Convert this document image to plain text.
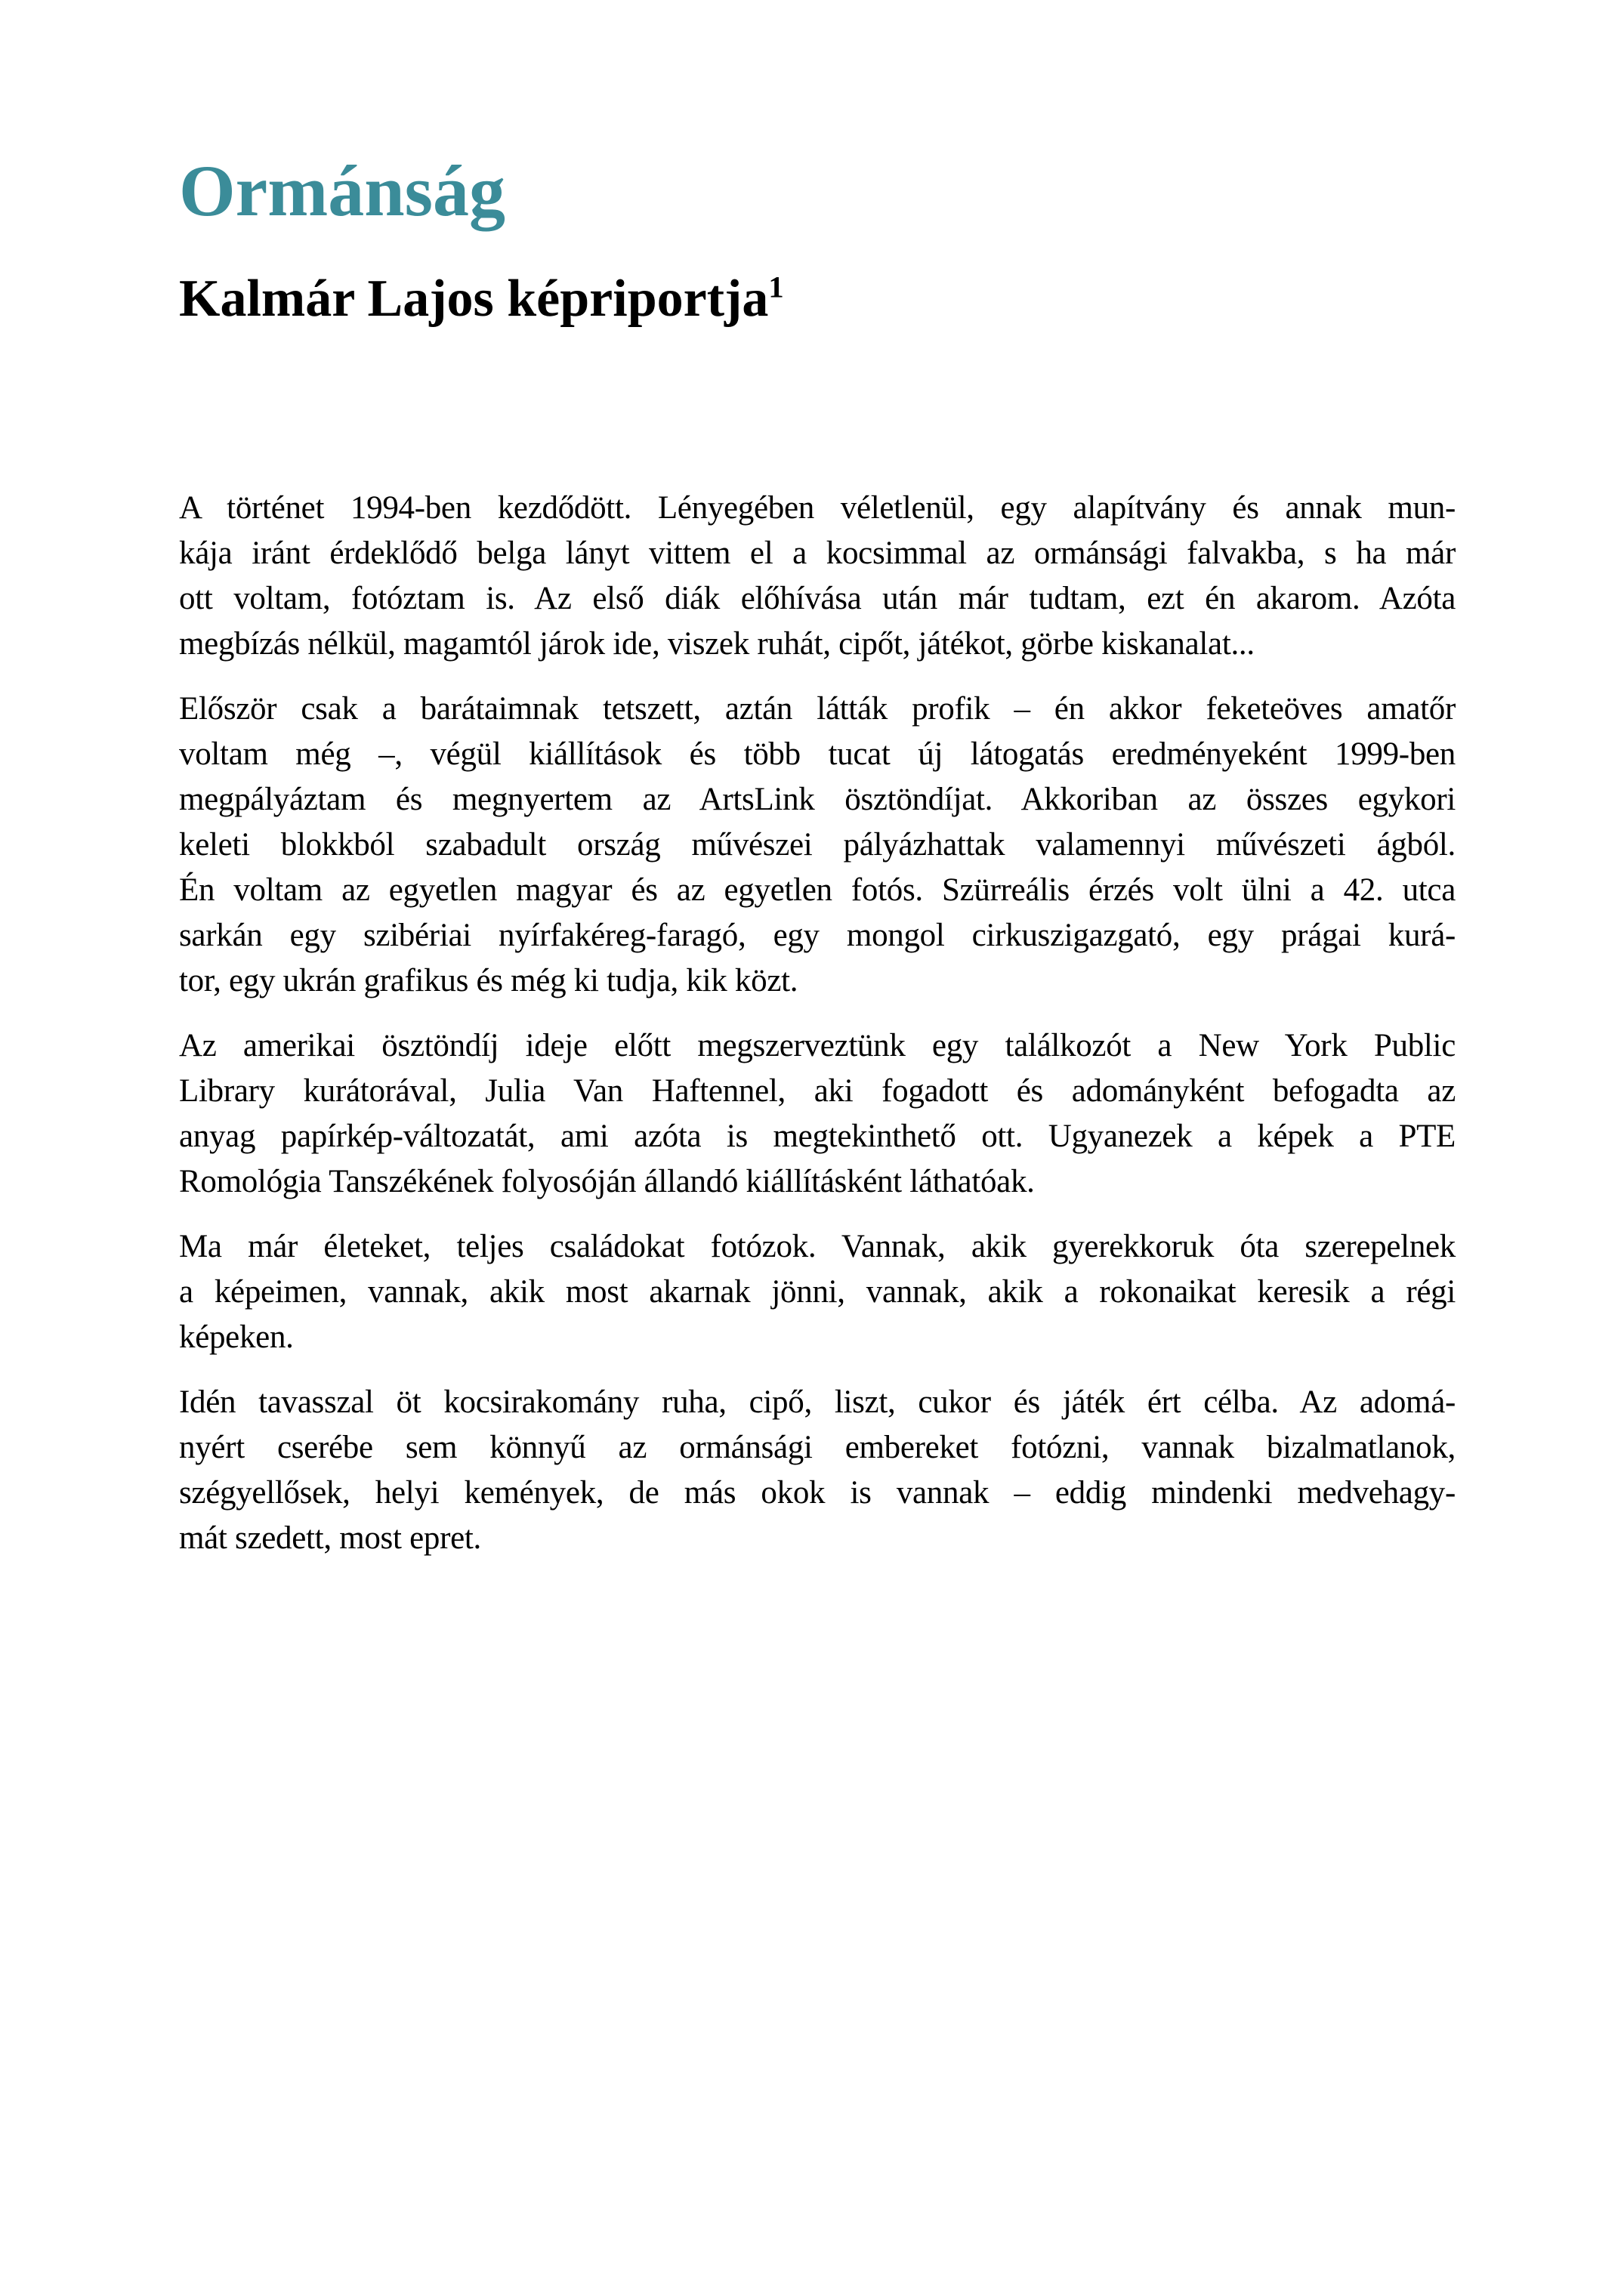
Ormánság
Kalmár Lajos képriportja$^1$

A történet 1994-ben kezdődött. Lényegében véletlenül, egy alapítvány és annak mun-
kája iránt érdeklődő belga lányt vittem el a kocsimmal az ormánsági falvakba, s ha már
ott voltam, fotóztam is. Az első diák előhívása után már tudtam, ezt én akarom. Azóta
megbízás nélkül, magamtól járok ide, viszek ruhát, cipőt, játékot, görbe kiskanalat...

Először csak a barátaimnak tetszett, aztán látták profik – én akkor feketeöves amatőr
voltam még –, végül kiállítások és több tucat új látogatás eredményeként 1999-ben
megpályáztam és megnyertem az ArtsLink ösztöndíjat. Akkoriban az összes egykori
keleti blokkból szabadult ország művészei pályázhattak valamennyi művészeti ágból.
Én voltam az egyetlen magyar és az egyetlen fotós. Szürreális érzés volt ülni a 42. utca
sarkán egy szibériai nyírfakéreg-faragó, egy mongol cirkuszigazgató, egy prágai kurá-
tor, egy ukrán grafikus és még ki tudja, kik közt.

Az amerikai ösztöndíj ideje előtt megszerveztünk egy találkozót a New York Public
Library kurátorával, Julia Van Haftennel, aki fogadott és adományként befogadta az
anyag papírkép-változatát, ami azóta is megtekinthető ott. Ugyanezek a képek a PTE
Romológia Tanszékének folyosóján állandó kiállításként láthatóak.

Ma már életeket, teljes családokat fotózok. Vannak, akik gyerekkoruk óta szerepelnek
a képeimen, vannak, akik most akarnak jönni, vannak, akik a rokonaikat keresik a régi
képeken.

Idén tavasszal öt kocsirakomány ruha, cipő, liszt, cukor és játék ért célba. Az adomá-
nyért cserébe sem könnyű az ormánsági embereket fotózni, vannak bizalmatlanok,
szégyellősek, helyi kemények, de más okok is vannak – eddig mindenki medvehagy-
mát szedett, most epret.
